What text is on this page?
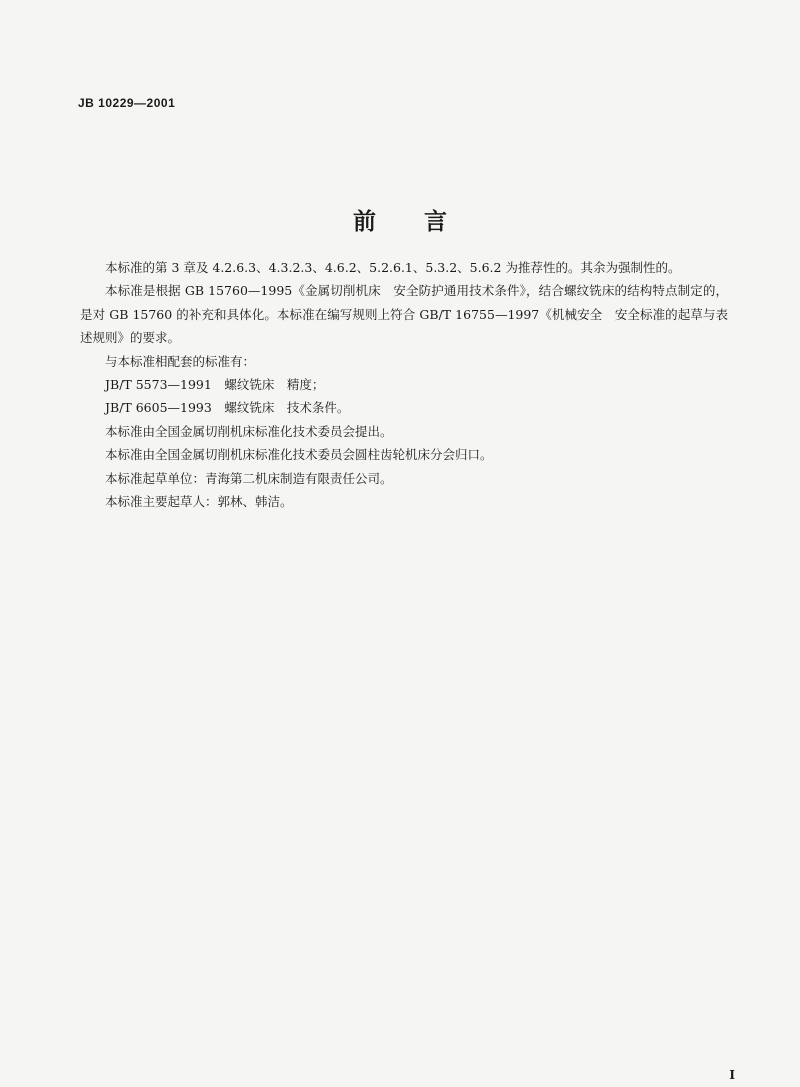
JB 10229—2001
前言

本标准的第 3 章及 4.2.6.3、4.3.2.3、4.6.2、5.2.6.1、5.3.2、5.6.2 为推荐性的。其余为强制性的。

本标准是根据 GB 15760—1995《金属切削机床　安全防护通用技术条件》，结合螺纹铣床的结构特点制定的，是对 GB 15760 的补充和具体化。本标准在编写规则上符合 GB/T 16755—1997《机械安全　安全标准的起草与表述规则》的要求。

与本标准相配套的标准有：

JB/T 5573—1991　螺纹铣床　精度；

JB/T 6605—1993　螺纹铣床　技术条件。

本标准由全国金属切削机床标准化技术委员会提出。

本标准由全国金属切削机床标准化技术委员会圆柱齿轮机床分会归口。

本标准起草单位：青海第二机床制造有限责任公司。

本标准主要起草人：郭林、韩洁。

I
